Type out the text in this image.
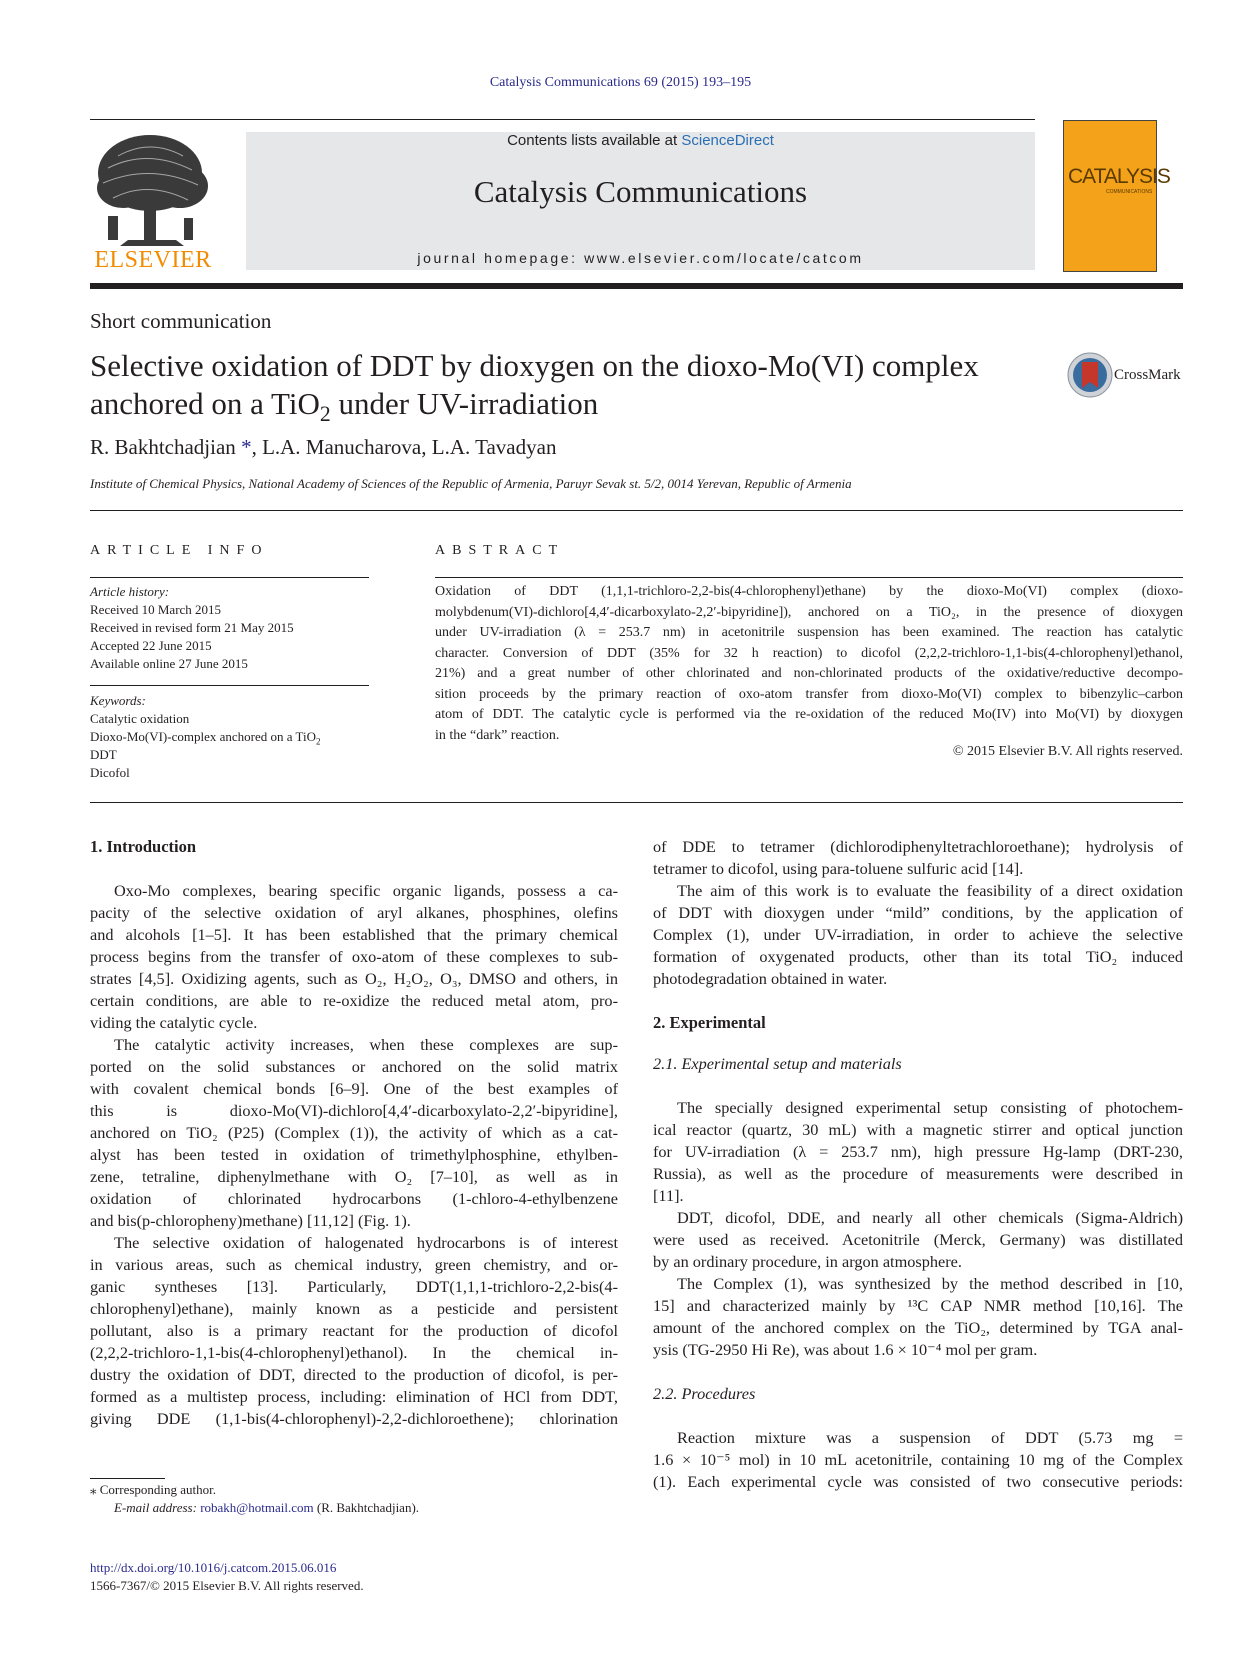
Catalysis Communications 69 (2015) 193–195
ELSEVIER
Contents lists available at ScienceDirect
Catalysis Communications
journal homepage: www.elsevier.com/locate/catcom
CATALYSIS
COMMUNICATIONS
Short communication
Selective oxidation of DDT by dioxygen on the dioxo-Mo(VI) complex
anchored on a TiO$_2$ under UV-irradiation
CrossMark
R. Bakhtchadjian *, L.A. Manucharova, L.A. Tavadyan
Institute of Chemical Physics, National Academy of Sciences of the Republic of Armenia, Paruyr Sevak st. 5/2, 0014 Yerevan, Republic of Armenia
ARTICLE INFO
Article history:
Received 10 March 2015
Received in revised form 21 May 2015
Accepted 22 June 2015
Available online 27 June 2015
Keywords:
Catalytic oxidation
Dioxo-Mo(VI)-complex anchored on a TiO$_2$
DDT
Dicofol
ABSTRACT
Oxidation of DDT (1,1,1-trichloro-2,2-bis(4-chlorophenyl)ethane) by the dioxo-Mo(VI) complex (dioxo-
molybdenum(VI)-dichloro[4,4′-dicarboxylato-2,2′-bipyridine]), anchored on a TiO₂, in the presence of dioxygen
under UV-irradiation (λ = 253.7 nm) in acetonitrile suspension has been examined. The reaction has catalytic
character. Conversion of DDT (35% for 32 h reaction) to dicofol (2,2,2-trichloro-1,1-bis(4-chlorophenyl)ethanol,
21%) and a great number of other chlorinated and non-chlorinated products of the oxidative/reductive decompo-
sition proceeds by the primary reaction of oxo-atom transfer from dioxo-Mo(VI) complex to bibenzylic–carbon
atom of DDT. The catalytic cycle is performed via the re-oxidation of the reduced Mo(IV) into Mo(VI) by dioxygen
in the “dark” reaction.
© 2015 Elsevier B.V. All rights reserved.
1. Introduction

Oxo-Mo complexes, bearing specific organic ligands, possess a ca-
pacity of the selective oxidation of aryl alkanes, phosphines, olefins
and alcohols [1–5]. It has been established that the primary chemical
process begins from the transfer of oxo-atom of these complexes to sub-
strates [4,5]. Oxidizing agents, such as O₂, H₂O₂, O₃, DMSO and others, in
certain conditions, are able to re-oxidize the reduced metal atom, pro-
viding the catalytic cycle.
The catalytic activity increases, when these complexes are sup-
ported on the solid substances or anchored on the solid matrix
with covalent chemical bonds [6–9]. One of the best examples of
this is dioxo-Mo(VI)-dichloro[4,4′-dicarboxylato-2,2′-bipyridine],
anchored on TiO₂ (P25) (Complex (1)), the activity of which as a cat-
alyst has been tested in oxidation of trimethylphosphine, ethylben-
zene, tetraline, diphenylmethane with O₂ [7–10], as well as in
oxidation of chlorinated hydrocarbons (1-chloro-4-ethylbenzene
and bis(p-chloropheny)methane) [11,12] (Fig. 1).
The selective oxidation of halogenated hydrocarbons is of interest
in various areas, such as chemical industry, green chemistry, and or-
ganic syntheses [13]. Particularly, DDT(1,1,1-trichloro-2,2-bis(4-
chlorophenyl)ethane), mainly known as a pesticide and persistent
pollutant, also is a primary reactant for the production of dicofol
(2,2,2-trichloro-1,1-bis(4-chlorophenyl)ethanol). In the chemical in-
dustry the oxidation of DDT, directed to the production of dicofol, is per-
formed as a multistep process, including: elimination of HCl from DDT,
giving DDE (1,1-bis(4-chlorophenyl)-2,2-dichloroethene); chlorination

of DDE to tetramer (dichlorodiphenyltetrachloroethane); hydrolysis of
tetramer to dicofol, using para-toluene sulfuric acid [14].
The aim of this work is to evaluate the feasibility of a direct oxidation
of DDT with dioxygen under “mild” conditions, by the application of
Complex (1), under UV-irradiation, in order to achieve the selective
formation of oxygenated products, other than its total TiO₂ induced
photodegradation obtained in water.

2. Experimental
2.1. Experimental setup and materials

The specially designed experimental setup consisting of photochem-
ical reactor (quartz, 30 mL) with a magnetic stirrer and optical junction
for UV-irradiation (λ = 253.7 nm), high pressure Hg-lamp (DRT-230,
Russia), as well as the procedure of measurements were described in
[11].
DDT, dicofol, DDE, and nearly all other chemicals (Sigma-Aldrich)
were used as received. Acetonitrile (Merck, Germany) was distillated
by an ordinary procedure, in argon atmosphere.
The Complex (1), was synthesized by the method described in [10,
15] and characterized mainly by ¹³C CAP NMR method [10,16]. The
amount of the anchored complex on the TiO₂, determined by TGA anal-
ysis (TG-2950 Hi Re), was about 1.6 × 10⁻⁴ mol per gram.

2.2. Procedures

Reaction mixture was a suspension of DDT (5.73 mg =
1.6 × 10⁻⁵ mol) in 10 mL acetonitrile, containing 10 mg of the Complex
(1). Each experimental cycle was consisted of two consecutive periods:

⁎ Corresponding author.
E-mail address: robakh@hotmail.com (R. Bakhtchadjian).
http://dx.doi.org/10.1016/j.catcom.2015.06.016
1566-7367/© 2015 Elsevier B.V. All rights reserved.
